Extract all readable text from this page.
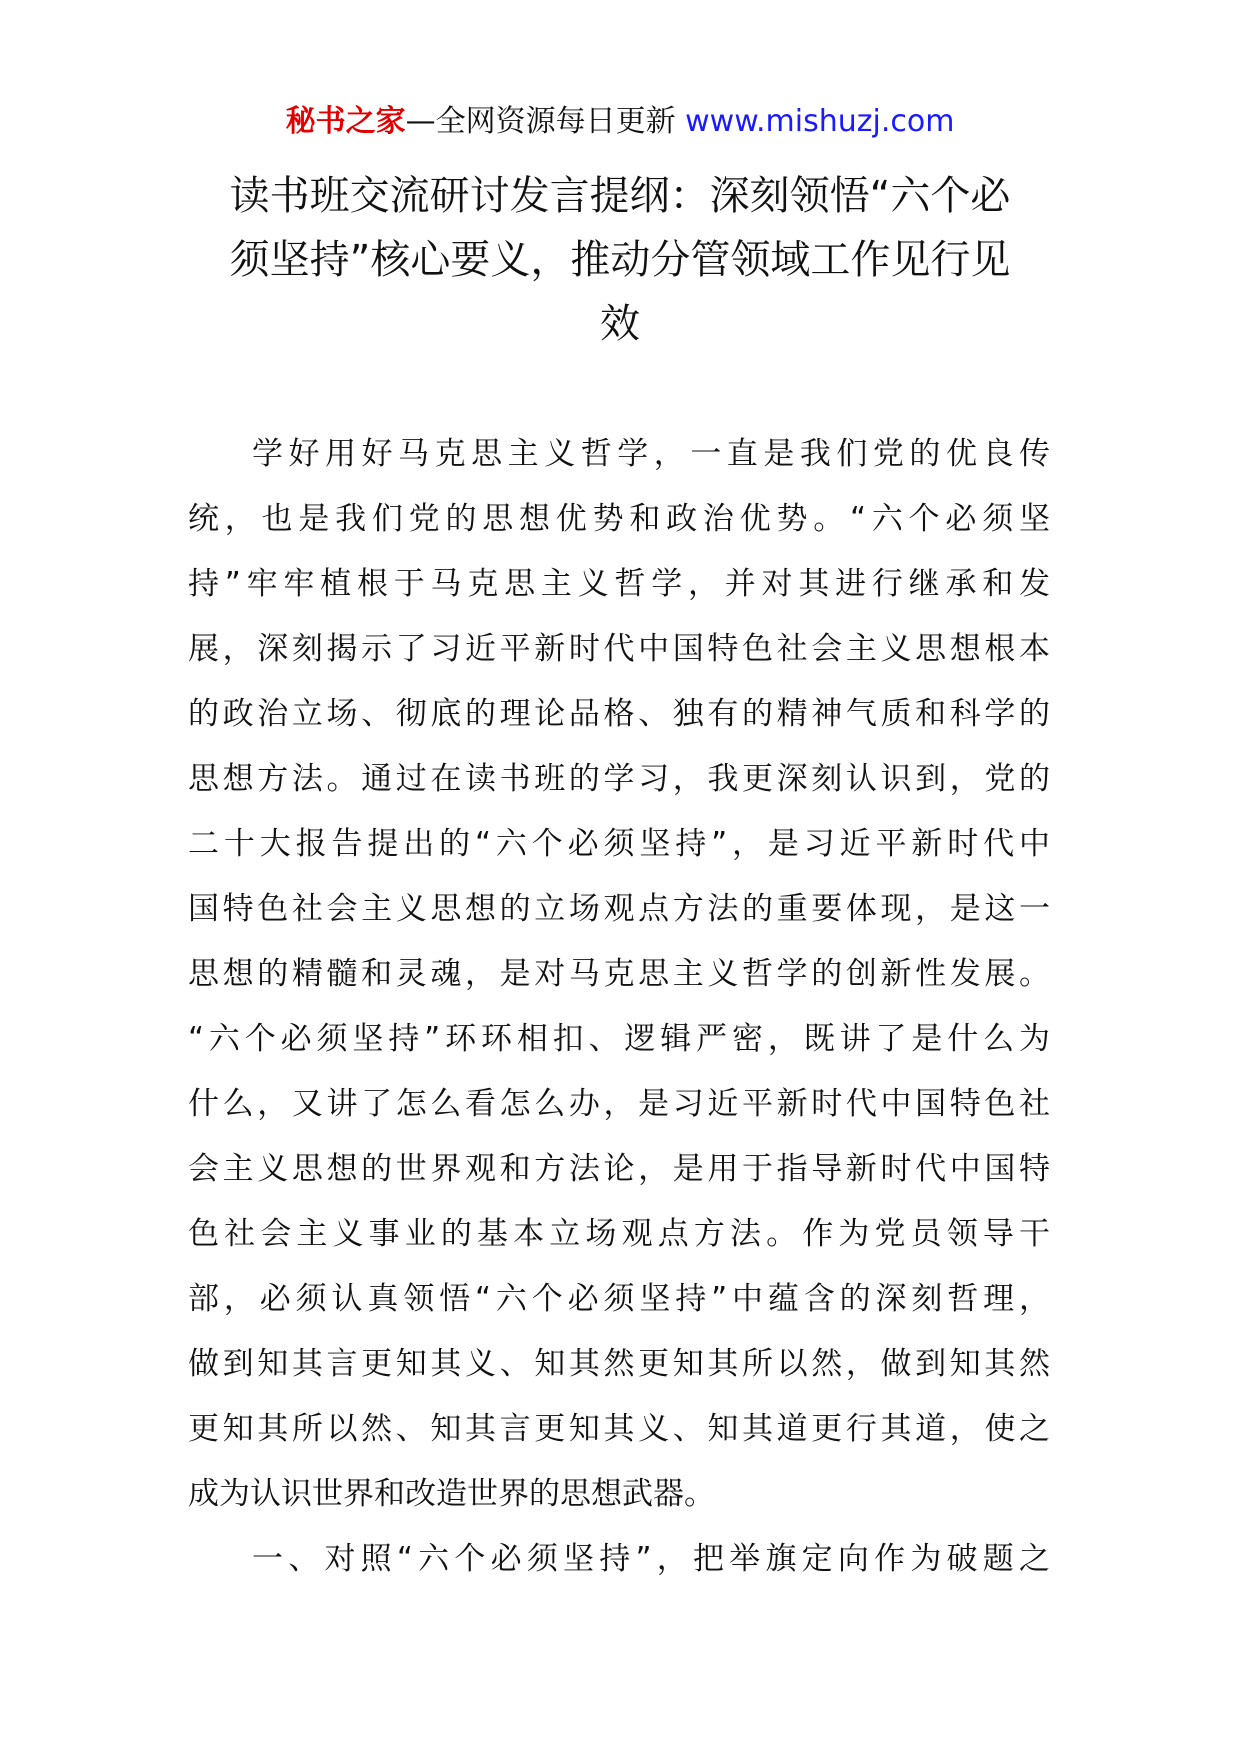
秘书之家—全网资源每日更新 www.mishuzj.com
读书班交流研讨发言提纲：深刻领悟“六个必
须坚持”核心要义，推动分管领域工作见行见
效
学好用好马克思主义哲学，一直是我们党的优良传
统，也是我们党的思想优势和政治优势。“六个必须坚
持”牢牢植根于马克思主义哲学，并对其进行继承和发
展，深刻揭示了习近平新时代中国特色社会主义思想根本
的政治立场、彻底的理论品格、独有的精神气质和科学的
思想方法。通过在读书班的学习，我更深刻认识到，党的
二十大报告提出的“六个必须坚持”，是习近平新时代中
国特色社会主义思想的立场观点方法的重要体现，是这一
思想的精髓和灵魂，是对马克思主义哲学的创新性发展。
“六个必须坚持”环环相扣、逻辑严密，既讲了是什么为
什么，又讲了怎么看怎么办，是习近平新时代中国特色社
会主义思想的世界观和方法论，是用于指导新时代中国特
色社会主义事业的基本立场观点方法。作为党员领导干
部，必须认真领悟“六个必须坚持”中蕴含的深刻哲理，
做到知其言更知其义、知其然更知其所以然，做到知其然
更知其所以然、知其言更知其义、知其道更行其道，使之
成为认识世界和改造世界的思想武器。
一、对照“六个必须坚持”，把举旗定向作为破题之
